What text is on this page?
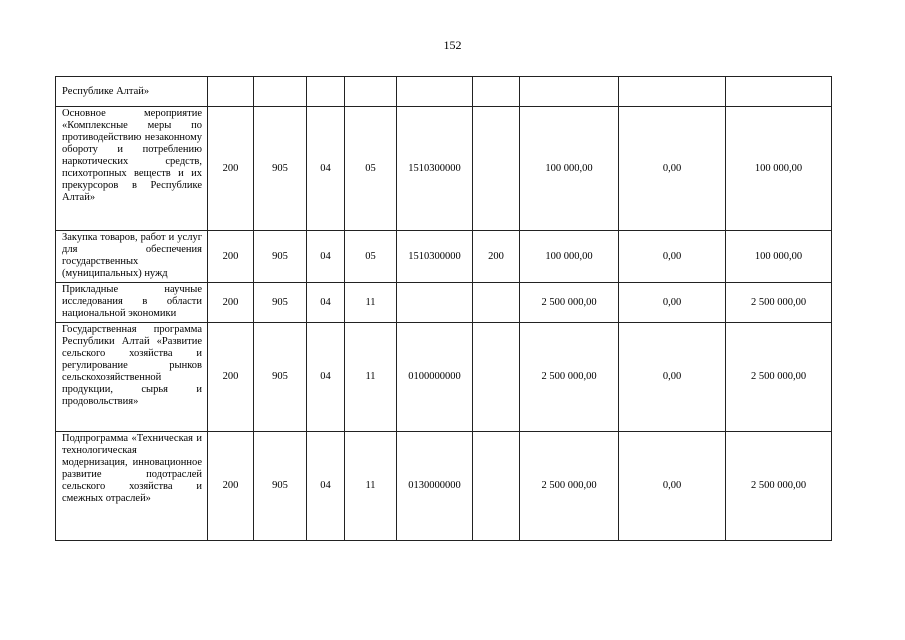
152
Республике Алтай»									
Основное мероприятие «Комплексные меры по противодействию незаконному обороту и потреблению наркотических средств, психотропных веществ и их прекурсоров в Республике Алтай»	200	905	04	05	1510300000		100 000,00	0,00	100 000,00
Закупка товаров, работ и услуг для обеспечения государственных (муниципальных) нужд	200	905	04	05	1510300000	200	100 000,00	0,00	100 000,00
Прикладные научные исследования в области национальной экономики	200	905	04	11			2 500 000,00	0,00	2 500 000,00
Государственная программа Республики Алтай «Развитие сельского хозяйства и регулирование рынков сельскохозяйственной продукции, сырья и продовольствия»	200	905	04	11	0100000000		2 500 000,00	0,00	2 500 000,00
Подпрограмма «Техническая и технологическая модернизация, инновационное развитие подотраслей сельского хозяйства и смежных отраслей»	200	905	04	11	0130000000		2 500 000,00	0,00	2 500 000,00
